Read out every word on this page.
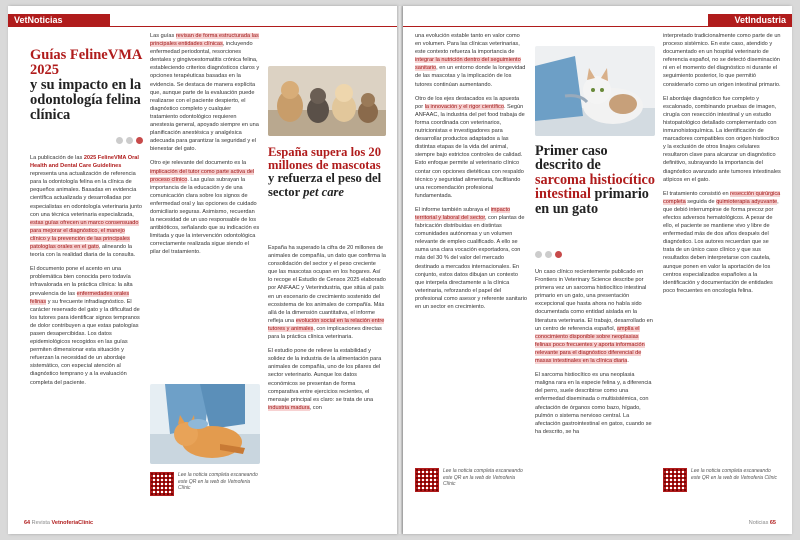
VetNoticias
Guías FelineVMA 2025
y su impacto en la odontología felina clínica

La publicación de las 2025 FelineVMA Oral Health and Dental Care Guidelines representa una actualización de referencia para la odontología felina en la clínica de pequeños animales. Basadas en evidencia científica actualizada y desarrolladas por especialistas en odontología veterinaria junto con una técnica veterinaria especializada, estas guías ofrecen un marco consensuado para mejorar el diagnóstico, el manejo clínico y la prevención de las principales patologías orales en el gato, alineando la teoría con la realidad diaria de la consulta.

El documento pone el acento en una problemática bien conocida pero todavía infravalorada en la práctica clínica: la alta prevalencia de las enfermedades orales felinas y su frecuente infradiagnóstico. El carácter reservado del gato y la dificultad de los tutores para identificar signos tempranos de dolor contribuyen a que estas patologías pasen desapercibidas. Los datos epidemiológicos recogidos en las guías permiten dimensionar esta situación y refuerzan la necesidad de un abordaje sistemático, con especial atención al diagnóstico temprano y a la evaluación completa del paciente.

Las guías revisan de forma estructurada las principales entidades clínicas, incluyendo enfermedad periodontal, resorciones dentales y gingivoestomatitis crónica felina, estableciendo criterios diagnósticos claros y opciones terapéuticas basadas en la evidencia. Se destaca de manera explícita que, aunque parte de la evaluación puede realizarse con el paciente despierto, el diagnóstico completo y cualquier tratamiento odontológico requieren anestesia general, apoyado siempre en una planificación anestésica y analgésica adecuada para garantizar la seguridad y el bienestar del gato.

Otro eje relevante del documento es la implicación del tutor como parte activa del proceso clínico. Las guías subrayan la importancia de la educación y de una comunicación clara sobre los signos de enfermedad oral y las opciones de cuidado domiciliario seguras. Asimismo, recuerdan la necesidad de un uso responsable de los antibióticos, señalando que su indicación es limitada y que la intervención odontológica correctamente realizada sigue siendo el pilar del tratamiento.

Lee la noticia completa escaneando este QR en la web de Vetnoferia Clínic
España supera los 20 millones de mascotas
y refuerza el peso del sector pet care

España ha superado la cifra de 20 millones de animales de compañía, un dato que confirma la consolidación del sector y el peso creciente que las mascotas ocupan en los hogares. Así lo recoge el Estudio de Censos 2025 elaborado por ANFAAC y Veterindustria, que sitúa al país en un escenario de crecimiento sostenido del ecosistema de los animales de compañía. Más allá de la dimensión cuantitativa, el informe refleja una evolución social en la relación entre tutores y animales, con implicaciones directas para la práctica clínica veterinaria.

El estudio pone de relieve la estabilidad y solidez de la industria de la alimentación para animales de compañía, uno de los pilares del sector veterinario. Aunque los datos económicos se presentan de forma comparativa entre ejercicios recientes, el mensaje principal es claro: se trata de una industria madura, con

64 Revista VetnoferiaClínic
VetIndustria

una evolución estable tanto en valor como en volumen. Para las clínicas veterinarias, este contexto refuerza la importancia de integrar la nutrición dentro del seguimiento sanitario, en un entorno donde la longevidad de las mascotas y la implicación de los tutores continúan aumentando.

Otro de los ejes destacados es la apuesta por la innovación y el rigor científico. Según ANFAAC, la industria del pet food trabaja de forma coordinada con veterinarios, nutricionistas e investigadores para desarrollar productos adaptados a las distintas etapas de la vida del animal, siempre bajo estrictos controles de calidad. Esto enfoque permite al veterinario clínico contar con opciones dietéticas con respaldo técnico y seguridad alimentaria, facilitando una recomendación profesional fundamentada.

El informe también subraya el impacto territorial y laboral del sector, con plantas de fabricación distribuidas en distintas comunidades autónomas y un volumen relevante de empleo cualificado. A ello se suma una clara vocación exportadora, con más del 30 % del valor del mercado destinado a mercados internacionales. En conjunto, estos datos dibujan un contexto que interpela directamente a la clínica veterinaria, reforzando el papel del profesional como asesor y referente sanitario en un sector en crecimiento.

Lee la noticia completa escaneando este QR en la web de Vetnoferia Clínic
Primer caso descrito de sarcoma histiocítico intestinal primario en un gato

Un caso clínico recientemente publicado en Frontiers in Veterinary Science describe por primera vez un sarcoma histiocítico intestinal primario en un gato, una presentación excepcional que hasta ahora no había sido documentada como entidad aislada en la literatura veterinaria. El trabajo, desarrollado en un centro de referencia español, amplía el conocimiento disponible sobre neoplasias felinas poco frecuentes y aporta información relevante para el diagnóstico diferencial de masas intestinales en la clínica diaria.

El sarcoma histiocítico es una neoplasia maligna rara en la especie felina y, a diferencia del perro, suele describirse como una enfermedad diseminada o multisistémica, con afectación de órganos como bazo, hígado, pulmón o sistema nervioso central. La afectación gastrointestinal en gatos, cuando se ha descrito, se ha

interpretado tradicionalmente como parte de un proceso sistémico. En este caso, atendido y documentado en un hospital veterinario de referencia español, no se detectó diseminación ni en el momento del diagnóstico ni durante el seguimiento posterior, lo que permitió considerarlo como un origen intestinal primario.

El abordaje diagnóstico fue completo y escalonado, combinando pruebas de imagen, cirugía con resección intestinal y un estudio histopatológico detallado complementado con inmunohistoquímica. La identificación de marcadores compatibles con origen histiocítico y la exclusión de otros linajes celulares resultaron clave para alcanzar un diagnóstico definitivo, subrayando la importancia del diagnóstico avanzado ante tumores intestinales atípicos en el gato.

El tratamiento consistió en resección quirúrgica completa seguida de quimioterapia adyuvante, que debió interrumpirse de forma precoz por efectos adversos hematológicos. A pesar de ello, el paciente se mantiene vivo y libre de enfermedad más de dos años después del diagnóstico. Los autores recuerdan que se trata de un único caso clínico y que sus resultados deben interpretarse con cautela, aunque ponen en valor la aportación de los centros especializados españoles a la identificación y documentación de entidades poco frecuentes en oncología felina.

Lee la noticia completa escaneando este QR en la web de Vetnoferia Clínic
Noticias 65
